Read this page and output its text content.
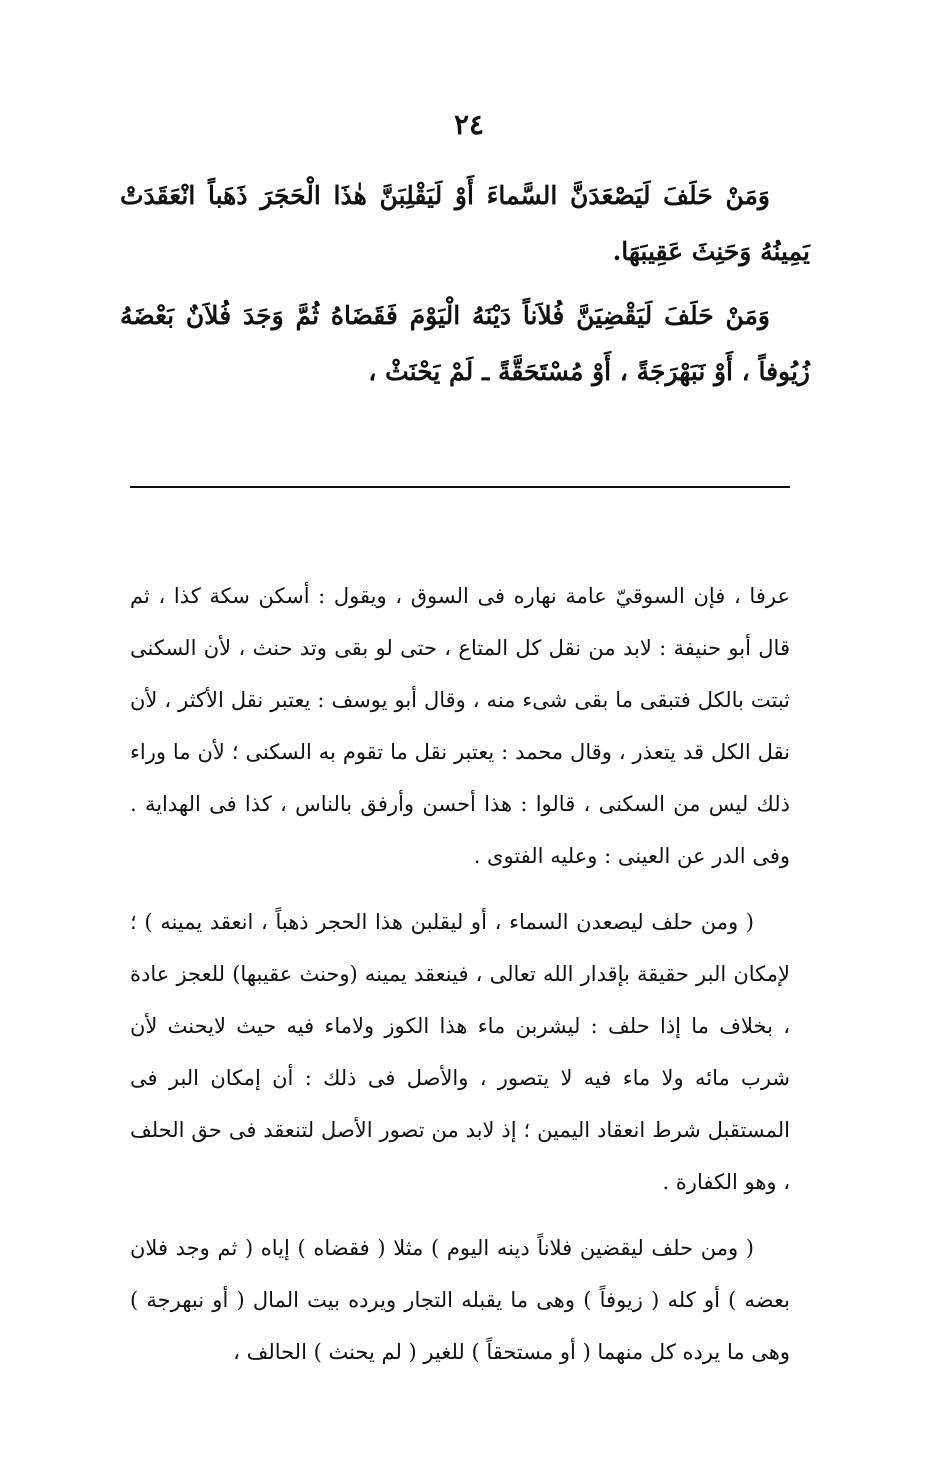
٢٤

وَمَنْ حَلَفَ لَيَصْعَدَنَّ السَّماءَ أَوْ لَيَقْلِبَنَّ هٰذَا الْحَجَرَ ذَهَباً انْعَقَدَتْ يَمِينُهُ وَحَنِثَ عَقِيبَهَا.

وَمَنْ حَلَفَ لَيَقْضِيَنَّ فُلاَناً دَيْنَهُ الْيَوْمَ فَقَضَاهُ ثُمَّ وَجَدَ فُلاَنٌ بَعْضَهُ زُيُوفاً ، أَوْ نَبَهْرَجَةً ، أَوْ مُسْتَحَقَّةً ـ لَمْ يَحْنَثْ ،

عرفا ، فإن السوقيّ عامة نهاره فى السوق ، ويقول : أسكن سكة كذا ، ثم قال أبو حنيفة : لابد من نقل كل المتاع ، حتى لو بقى وتد حنث ، لأن السكنى ثبتت بالكل فتبقى ما بقى شىء منه ، وقال أبو يوسف : يعتبر نقل الأكثر ، لأن نقل الكل قد يتعذر ، وقال محمد : يعتبر نقل ما تقوم به السكنى ؛ لأن ما وراء ذلك ليس من السكنى ، قالوا : هذا أحسن وأرفق بالناس ، كذا فى الهداية . وفى الدر عن العينى : وعليه الفتوى .

( ومن حلف ليصعدن السماء ، أو ليقلبن هذا الحجر ذهباً ، انعقد يمينه ) ؛ لإمكان البر حقيقة بإقدار الله تعالى ، فينعقد يمينه (وحنث عقيبها) للعجز عادة ، بخلاف ما إذا حلف : ليشربن ماء هذا الكوز ولاماء فيه حيث لايحنث لأن شرب مائه ولا ماء فيه لا يتصور ، والأصل فى ذلك : أن إمكان البر فى المستقبل شرط انعقاد اليمين ؛ إذ لابد من تصور الأصل لتنعقد فى حق الحلف ، وهو الكفارة .

( ومن حلف ليقضين فلاناً دينه اليوم ) مثلا ( فقضاه ) إياه ( ثم وجد فلان بعضه ) أو كله ( زيوفاً ) وهى ما يقبله التجار ويرده بيت المال ( أو نبهرجة ) وهى ما يرده كل منهما ( أو مستحقاً ) للغير ( لم يحنث ) الحالف ،
